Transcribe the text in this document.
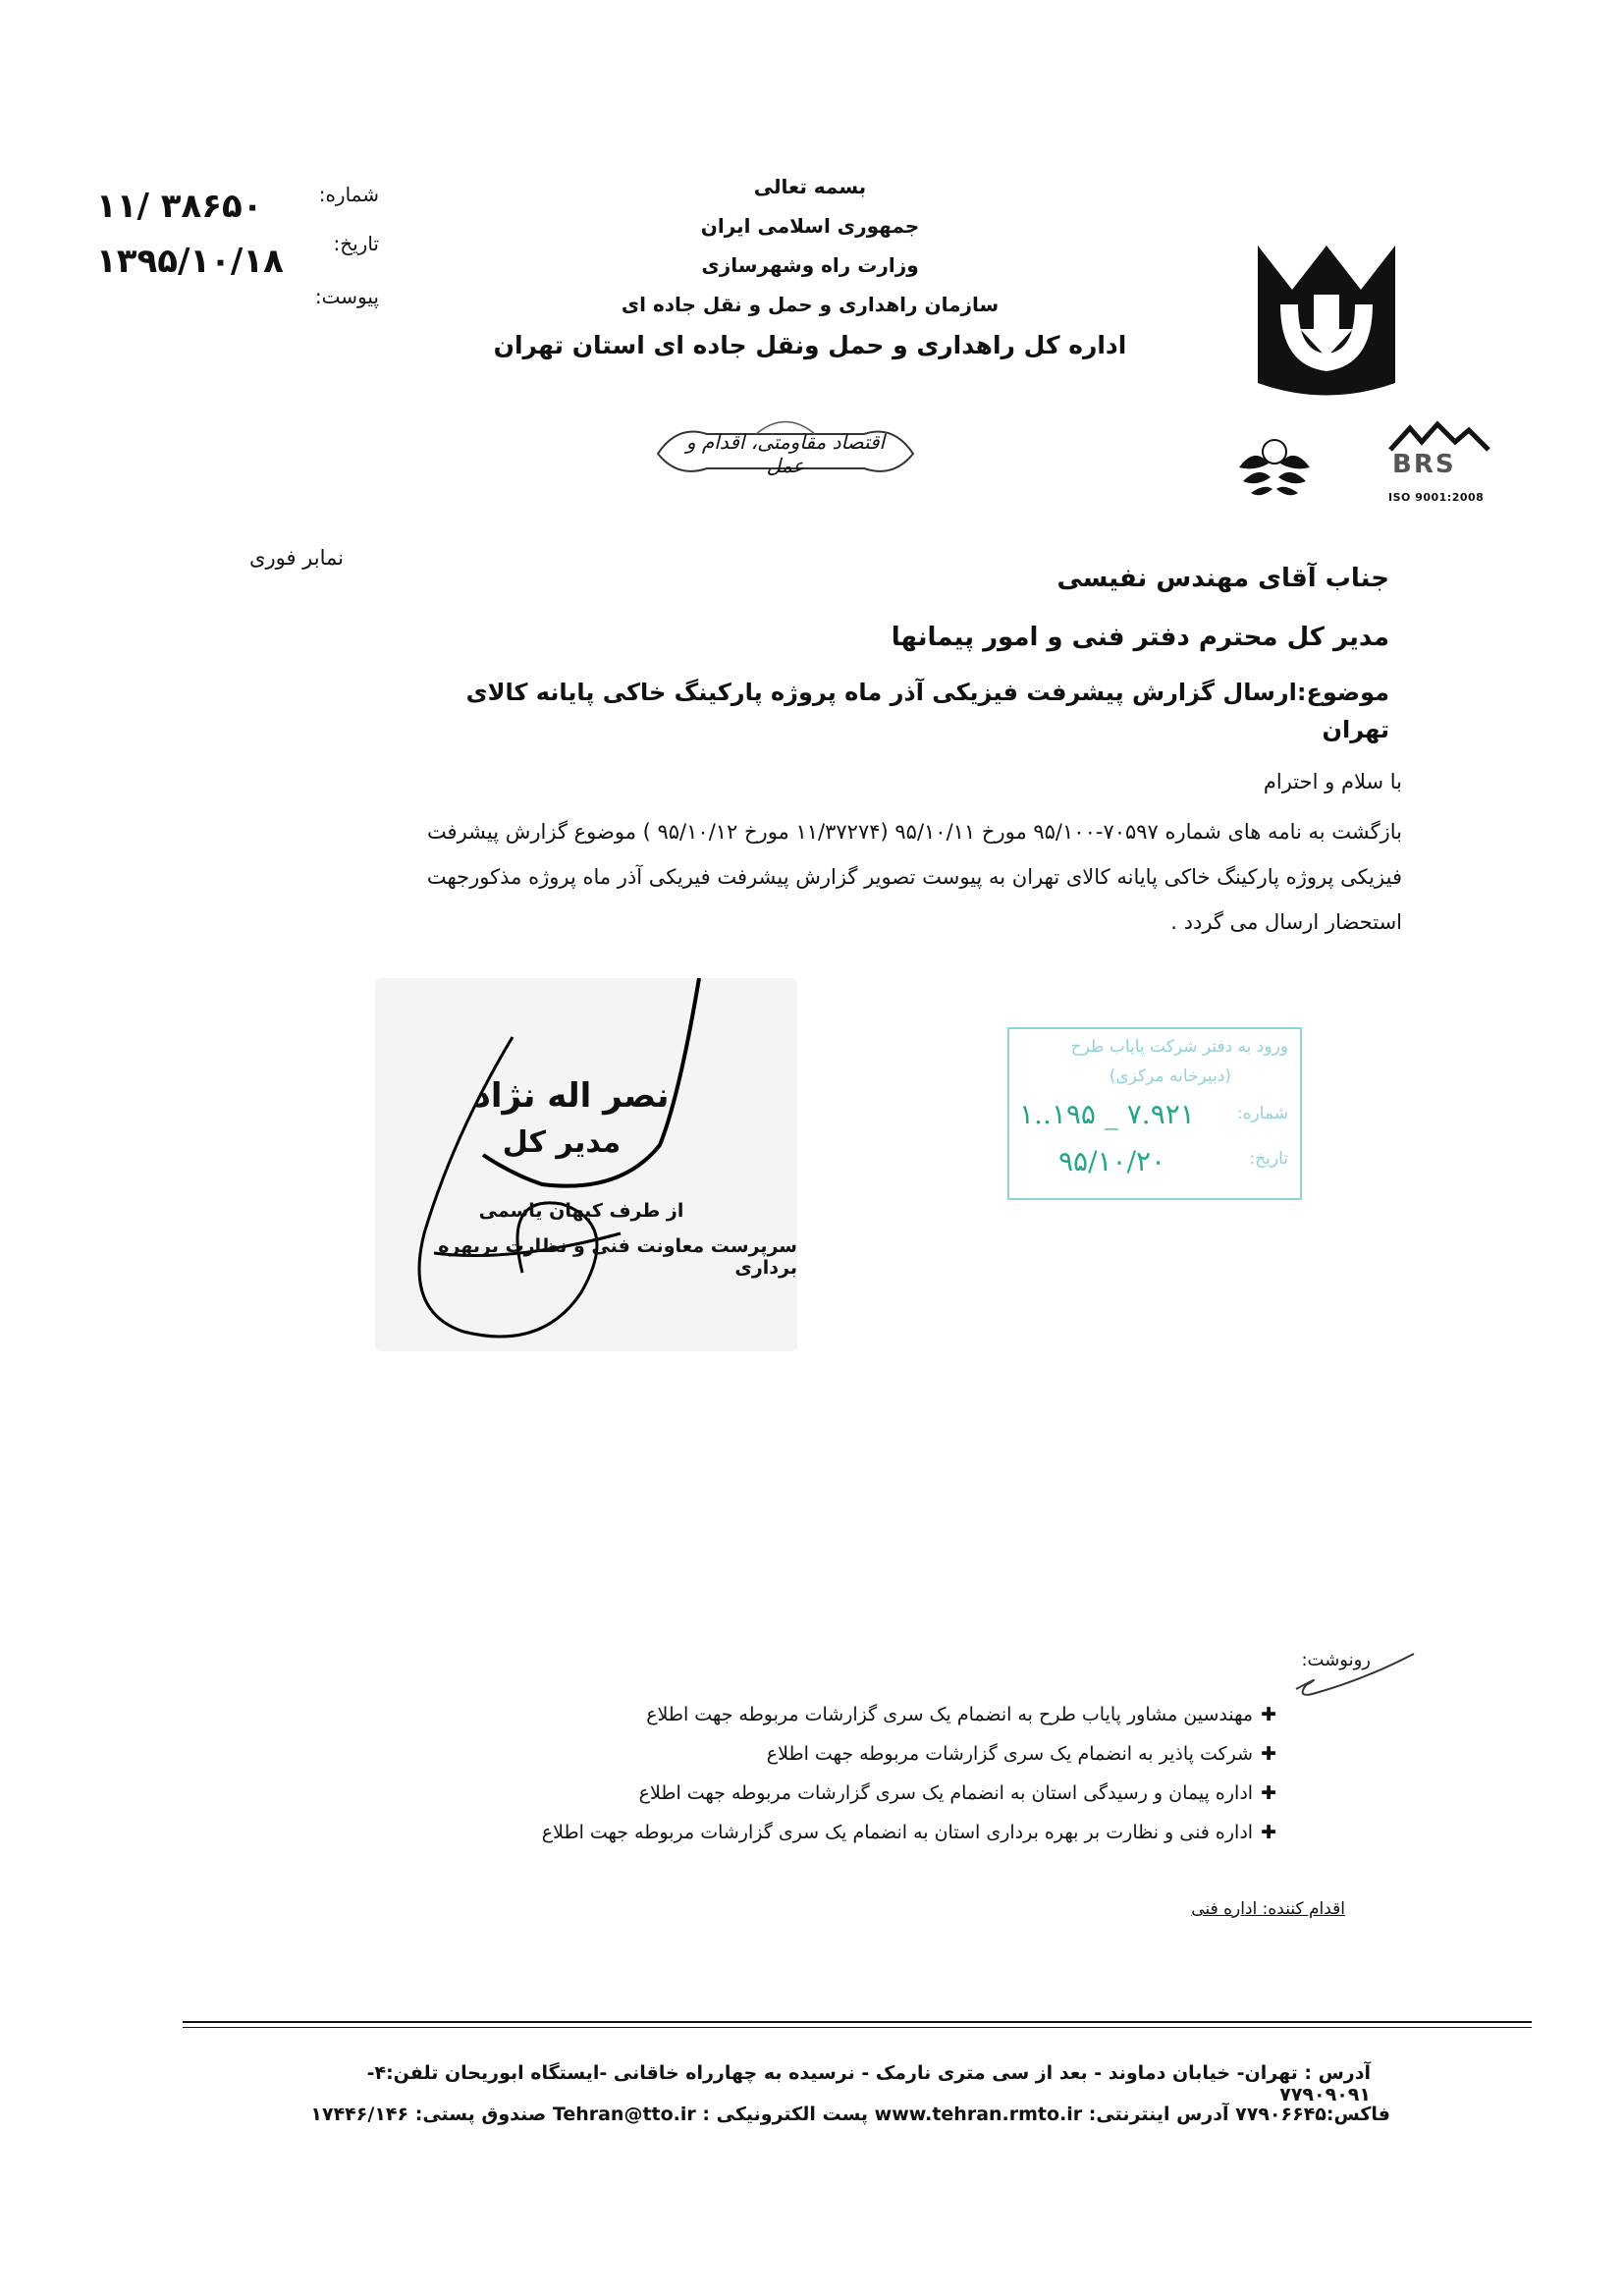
بسمه تعالی
جمهوری اسلامی ایران
وزارت راه وشهرسازی
سازمان راهداری و حمل و نقل جاده ای
اداره کل راهداری و حمل ونقل جاده ای استان تهران
اقتصاد مقاومتی، اقدام و عمل	BRS
ISO 9001:2008
شماره:
تاریخ:
پیوست:
۱۱/ ۳۸۶۵۰
۱۳۹۵/۱۰/۱۸
نمابر فوری
جناب آقای مهندس نفیسی
مدیر کل محترم دفتر فنی و امور پیمانها
موضوع:ارسال گزارش پیشرفت فیزیکی آذر ماه پروژه پارکینگ خاکی پایانه کالای تهران
با سلام و احترام
بازگشت به نامه های شماره ۷۰۵۹۷-۹۵/۱۰۰ مورخ ۹۵/۱۰/۱۱ (۱۱/۳۷۲۷۴ مورخ ۹۵/۱۰/۱۲ ) موضوع گزارش پیشرفت
فیزیکی پروژه پارکینگ خاکی پایانه کالای تهران به پیوست تصویر گزارش پیشرفت فیریکی آذر ماه پروژه مذکورجهت
استحضار ارسال می گردد .
نصر اله نژاد
مدیر کل
از طرف کیهان یاسمی
سرپرست معاونت فنی و نظارت بربهره برداری
ورود به دفتر شرکت پایاب طرح
(دبیرخانه مرکزی)
شماره:
تاریخ:
۱..۱۹۵ _ ۷.۹۲۱
۹۵/۱۰/۲۰
رونوشت:
✚مهندسین مشاور پایاب طرح به انضمام یک سری گزارشات مربوطه جهت اطلاع
✚شرکت پاذیر به انضمام یک سری گزارشات مربوطه جهت اطلاع
✚اداره پیمان و رسیدگی استان به انضمام یک سری گزارشات مربوطه جهت اطلاع
✚اداره فنی و نظارت بر بهره برداری استان به انضمام یک سری گزارشات مربوطه جهت اطلاع
اقدام کننده: اداره فنی
آدرس : تهران- خیابان دماوند - بعد از سی متری نارمک - نرسیده به چهارراه خاقانی -ایستگاه ابوریحان تلفن:۴- ۷۷۹۰۹۰۹۱
فاکس:۷۷۹۰۶۶۴۵ آدرس اینترنتی: www.tehran.rmto.ir پست الکترونیکی : Tehran@tto.ir صندوق پستی: ۱۷۴۴۶/۱۴۶
